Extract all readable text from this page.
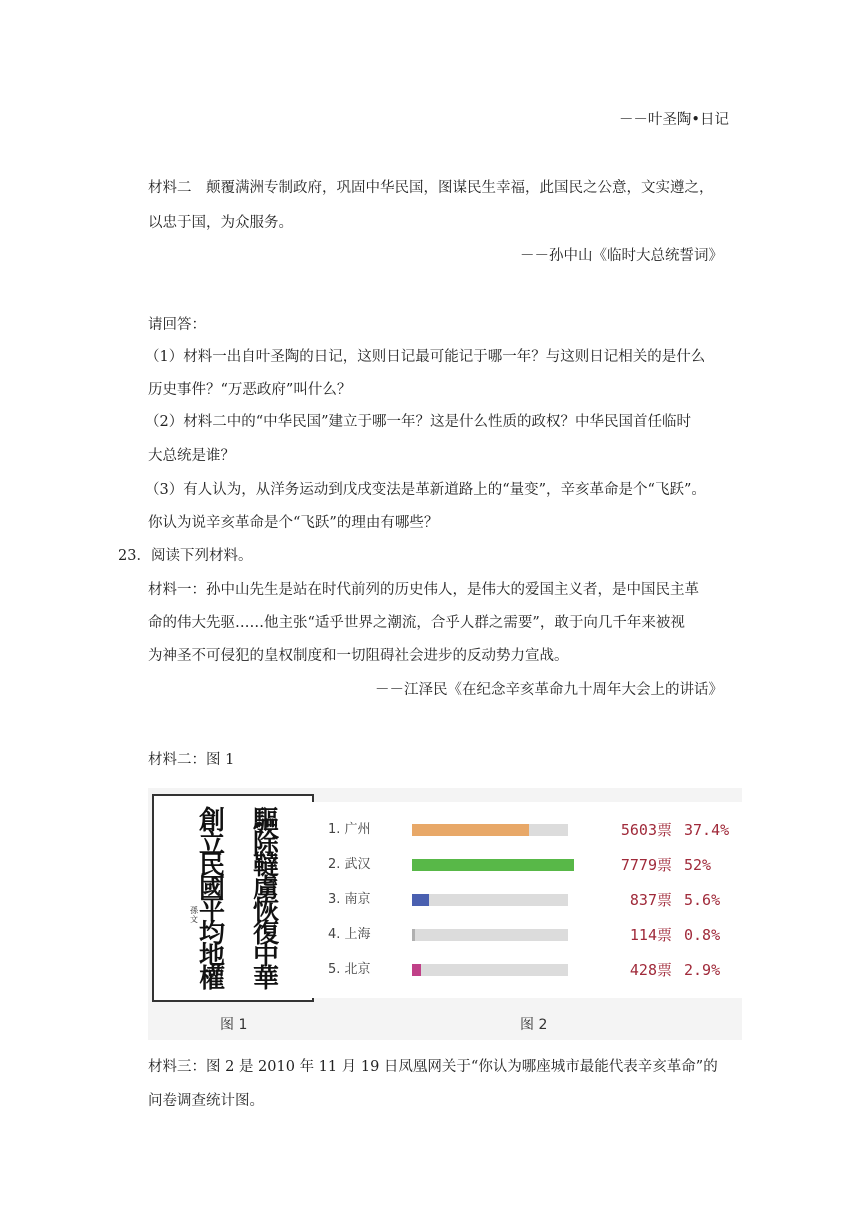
－－叶圣陶•日记
材料二　颠覆满洲专制政府，巩固中华民国，图谋民生幸福，此国民之公意，文实遵之，
以忠于国，为众服务。
－－孙中山《临时大总统誓词》
请回答：
（1）材料一出自叶圣陶的日记，这则日记最可能记于哪一年？与这则日记相关的是什么
历史事件？“万恶政府”叫什么？
（2）材料二中的“中华民国”建立于哪一年？这是什么性质的政权？中华民国首任临时
大总统是谁？
（3）有人认为，从洋务运动到戊戌变法是革新道路上的“量变”，辛亥革命是个“飞跃”。
你认为说辛亥革命是个“飞跃”的理由有哪些？
23．阅读下列材料。
材料一：孙中山先生是站在时代前列的历史伟人，是伟大的爱国主义者，是中国民主革
命的伟大先驱……他主张“适乎世界之潮流，合乎人群之需要”，敢于向几千年来被视
为神圣不可侵犯的皇权制度和一切阻碍社会进步的反动势力宣战。
－－江泽民《在纪念辛亥革命九十周年大会上的讲话》
材料二：图 1
驅
除
韃
虜
恢
復
中
華
創
立
民
國
平
均
地
權
孫
文
1. 广州	5603票 37.4%
2. 武汉	7779票 52%
3. 南京	837票 5.6%
4. 上海	114票 0.8%
5. 北京	428票 2.9%
图 1	图 2
材料三：图 2 是 2010 年 11 月 19 日凤凰网关于“你认为哪座城市最能代表辛亥革命”的
问卷调查统计图。
